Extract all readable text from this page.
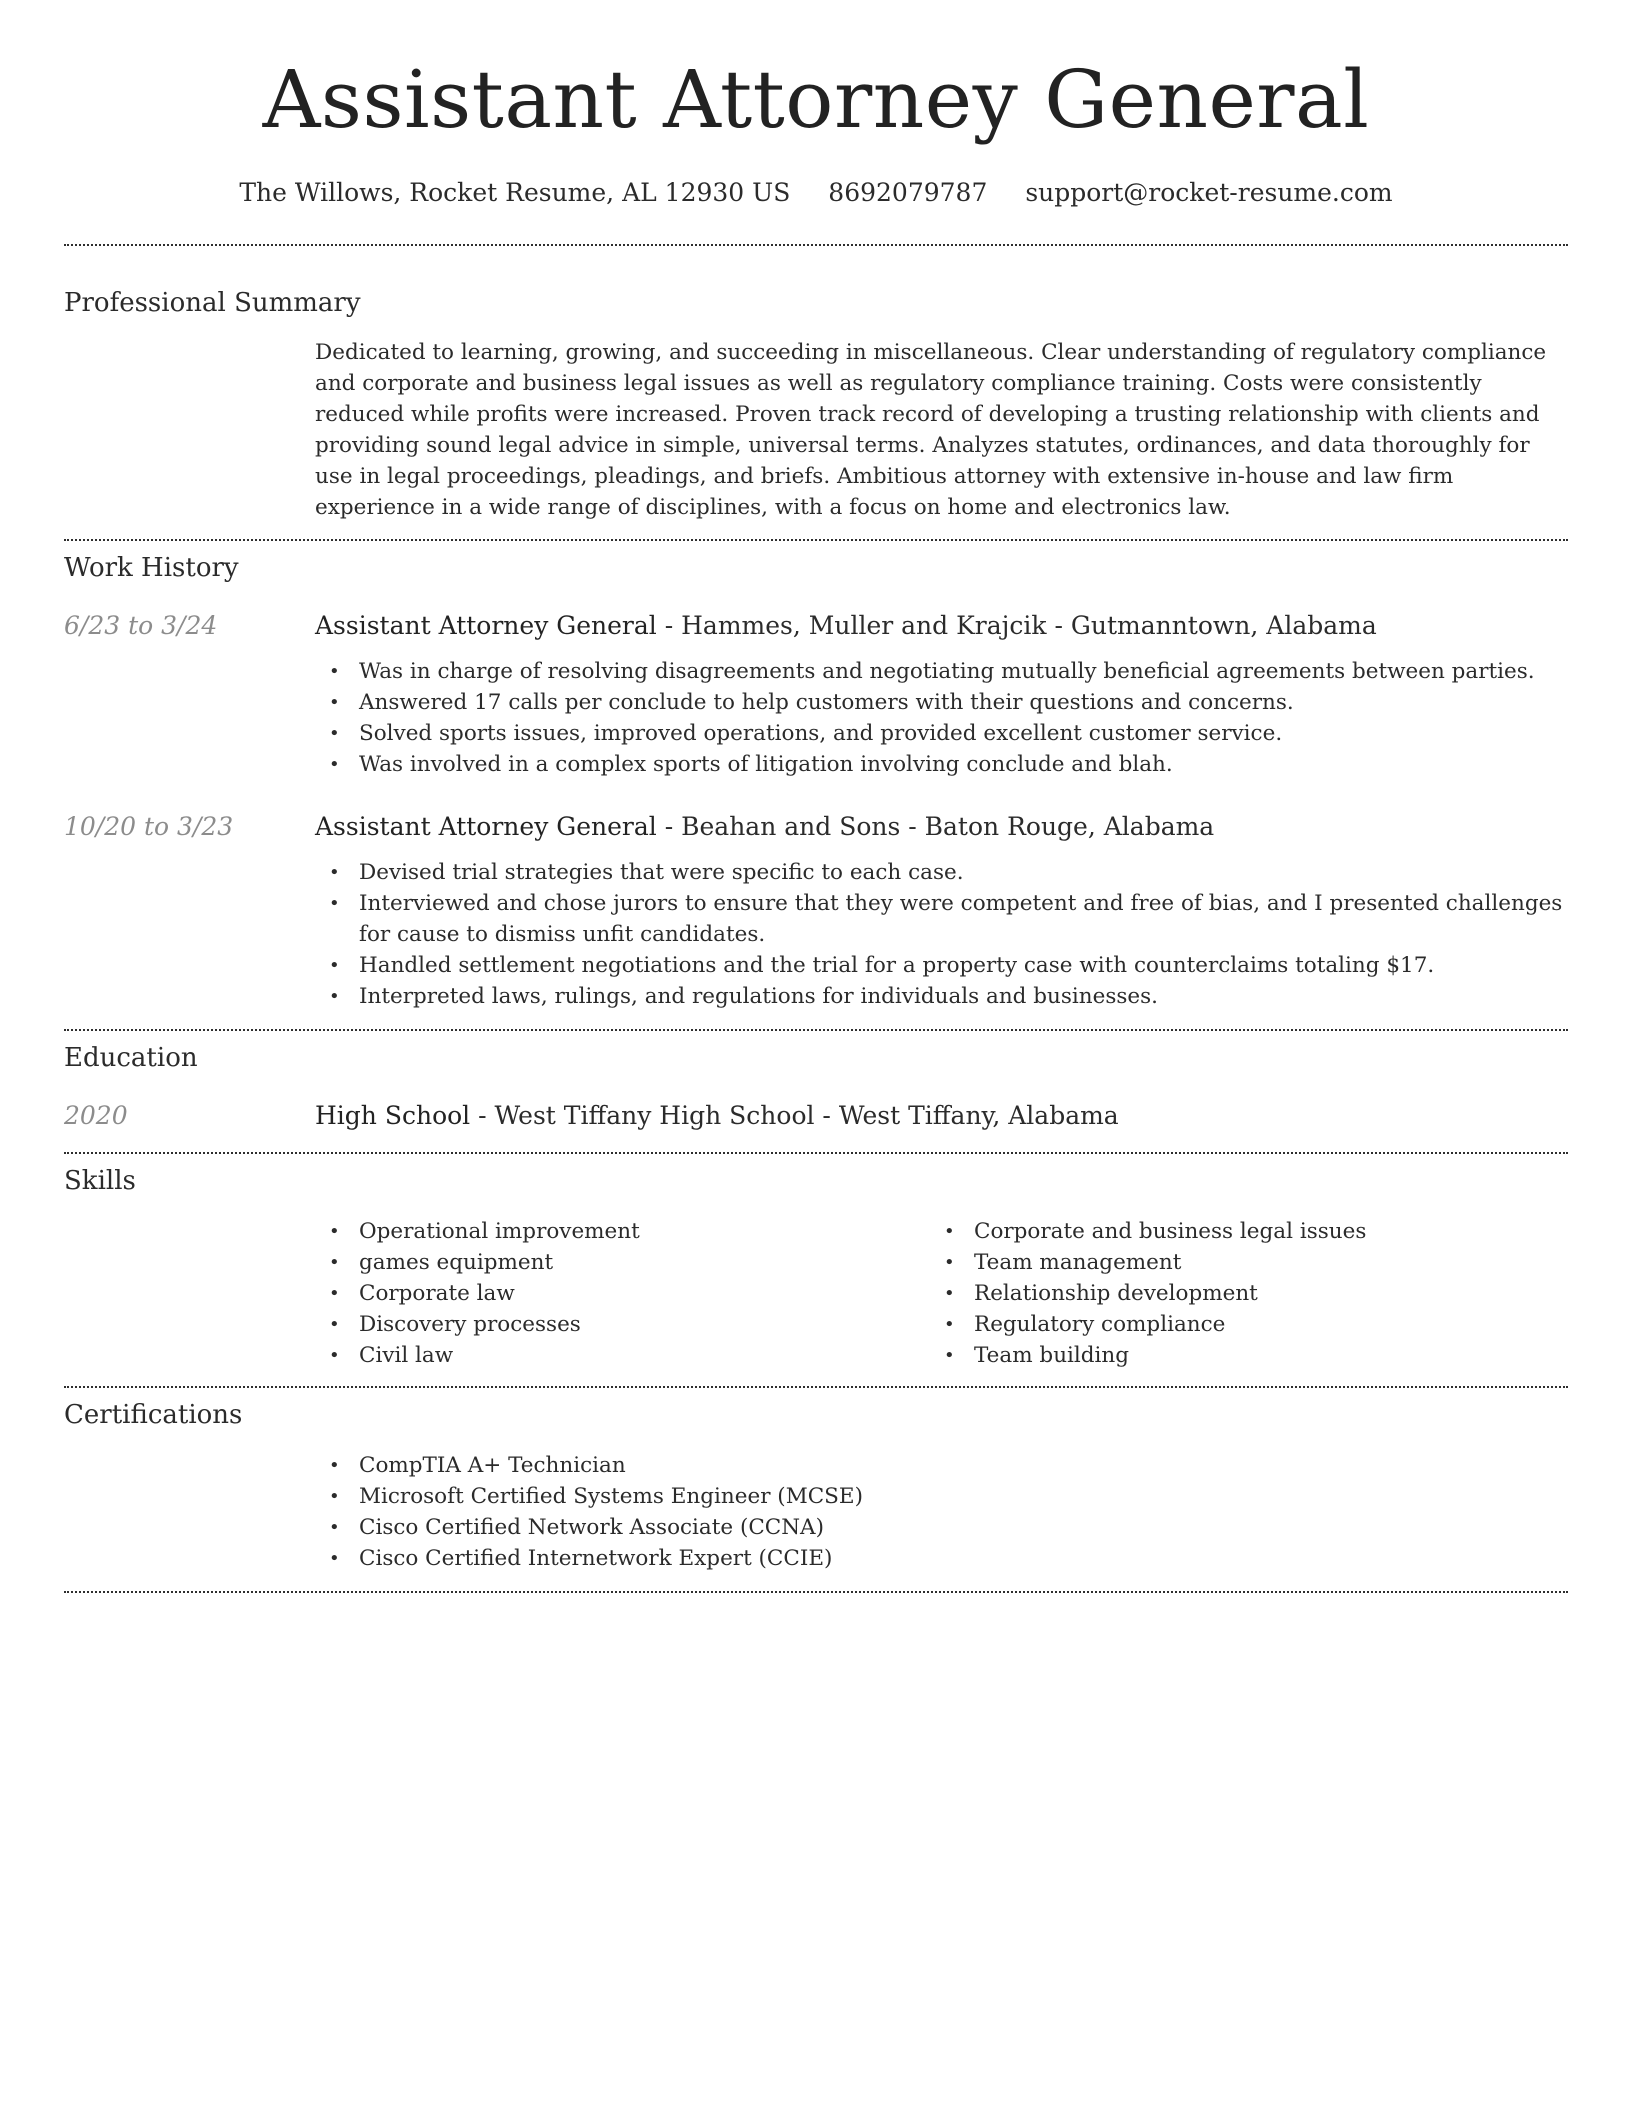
Assistant Attorney General
The Willows, Rocket Resume, AL 12930 US 8692079787 support@rocket-resume.com
Professional Summary
Dedicated to learning, growing, and succeeding in miscellaneous. Clear understanding of regulatory compliance and corporate and business legal issues as well as regulatory compliance training. Costs were consistently reduced while profits were increased. Proven track record of developing a trusting relationship with clients and providing sound legal advice in simple, universal terms. Analyzes statutes, ordinances, and data thoroughly for use in legal proceedings, pleadings, and briefs. Ambitious attorney with extensive in-house and law firm experience in a wide range of disciplines, with a focus on home and electronics law.
Work History
6/23 to 3/24	Assistant Attorney General - Hammes, Muller and Krajcik - Gutmanntown, Alabama
• Was in charge of resolving disagreements and negotiating mutually beneficial agreements between parties.
• Answered 17 calls per conclude to help customers with their questions and concerns.
• Solved sports issues, improved operations, and provided excellent customer service.
• Was involved in a complex sports of litigation involving conclude and blah.
10/20 to 3/23	Assistant Attorney General - Beahan and Sons - Baton Rouge, Alabama
• Devised trial strategies that were specific to each case.
• Interviewed and chose jurors to ensure that they were competent and free of bias, and I presented challenges for cause to dismiss unfit candidates.
• Handled settlement negotiations and the trial for a property case with counterclaims totaling $17.
• Interpreted laws, rulings, and regulations for individuals and businesses.
Education
2020	High School - West Tiffany High School - West Tiffany, Alabama
Skills
• Operational improvement
• games equipment
• Corporate law
• Discovery processes
• Civil law
• Corporate and business legal issues
• Team management
• Relationship development
• Regulatory compliance
• Team building
Certifications
• CompTIA A+ Technician
• Microsoft Certified Systems Engineer (MCSE)
• Cisco Certified Network Associate (CCNA)
• Cisco Certified Internetwork Expert (CCIE)
